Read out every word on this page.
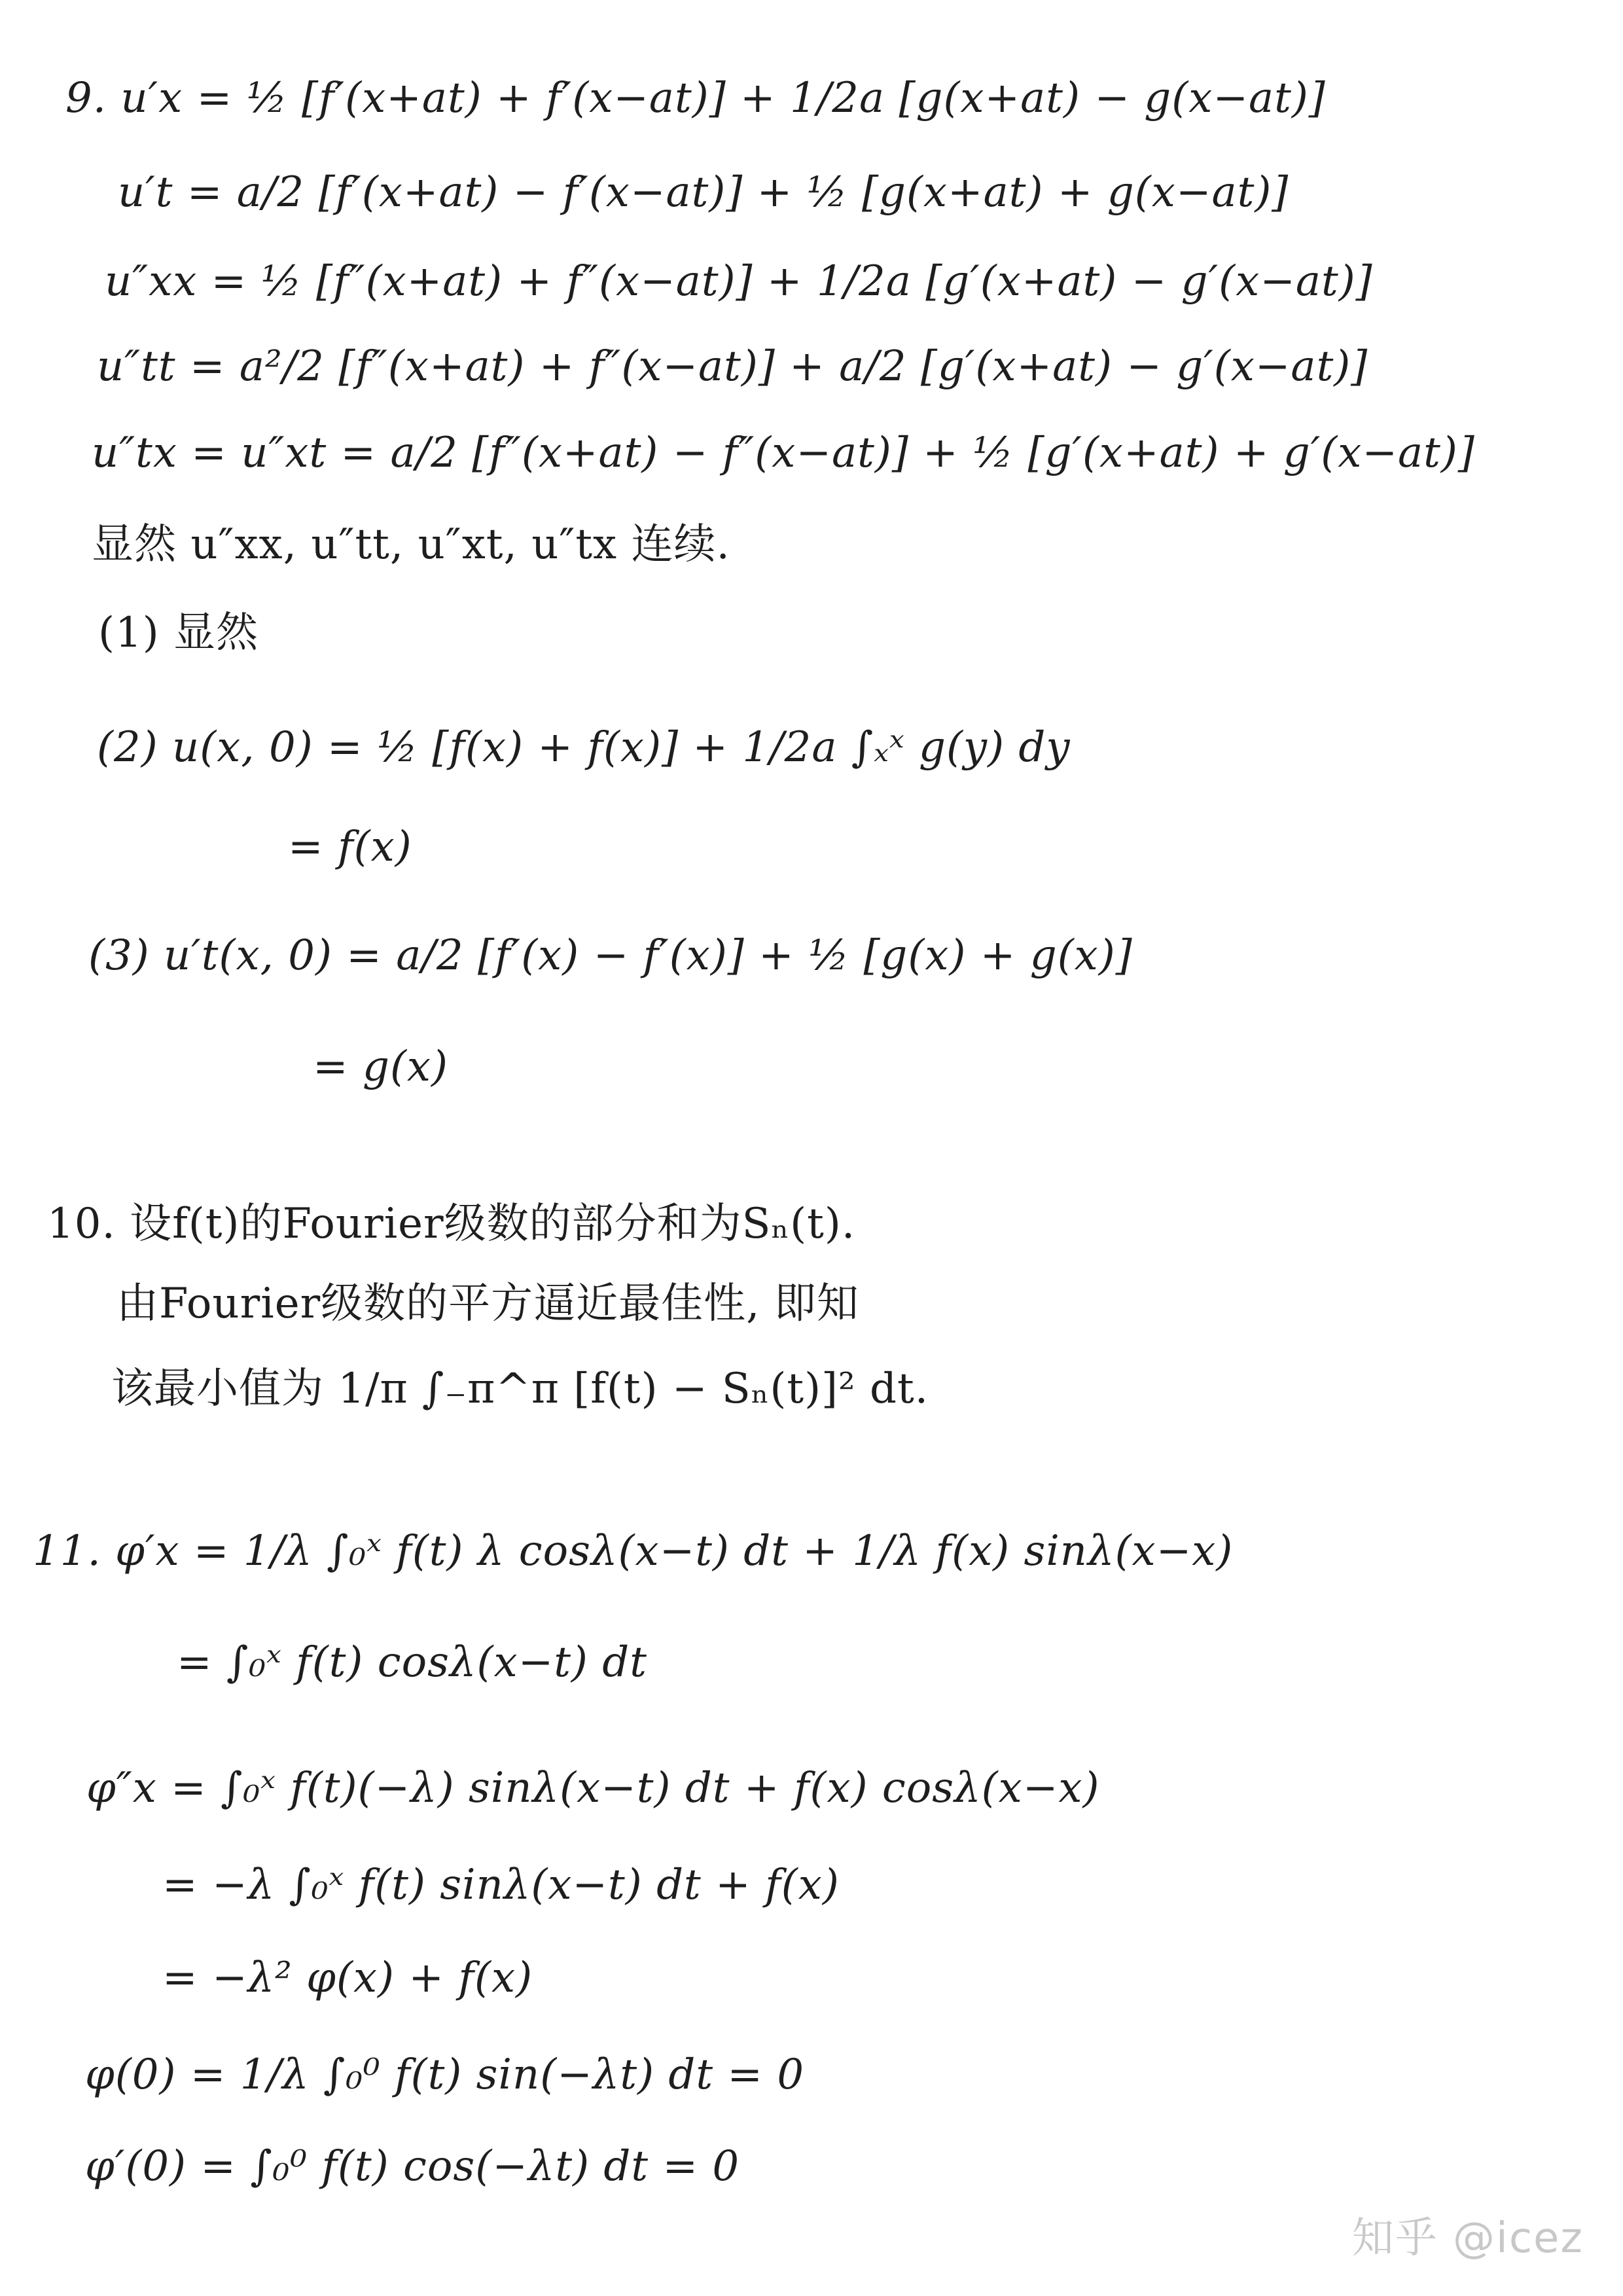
9. u′x = ½ [f′(x+at) + f′(x−at)] + 1/2a [g(x+at) − g(x−at)]
u′t = a/2 [f′(x+at) − f′(x−at)] + ½ [g(x+at) + g(x−at)]
u″xx = ½ [f″(x+at) + f″(x−at)] + 1/2a [g′(x+at) − g′(x−at)]
u″tt = a²/2 [f″(x+at) + f″(x−at)] + a/2 [g′(x+at) − g′(x−at)]
u″tx = u″xt = a/2 [f″(x+at) − f″(x−at)] + ½ [g′(x+at) + g′(x−at)]
显然 u″xx, u″tt, u″xt, u″tx 连续.
(1) 显然
(2) u(x, 0) = ½ [f(x) + f(x)] + 1/2a ∫ₓˣ g(y) dy
= f(x)
(3) u′t(x, 0) = a/2 [f′(x) − f′(x)] + ½ [g(x) + g(x)]
= g(x)
10. 设f(t)的Fourier级数的部分和为Sₙ(t).
由Fourier级数的平方逼近最佳性, 即知
该最小值为 1/π ∫₋π^π [f(t) − Sₙ(t)]² dt.
11. φ′x = 1/λ ∫₀ˣ f(t) λ cosλ(x−t) dt + 1/λ f(x) sinλ(x−x)
= ∫₀ˣ f(t) cosλ(x−t) dt
φ″x = ∫₀ˣ f(t)(−λ) sinλ(x−t) dt + f(x) cosλ(x−x)
= −λ ∫₀ˣ f(t) sinλ(x−t) dt + f(x)
= −λ² φ(x) + f(x)
φ(0) = 1/λ ∫₀⁰ f(t) sin(−λt) dt = 0
φ′(0) = ∫₀⁰ f(t) cos(−λt) dt = 0
知乎 @icez
